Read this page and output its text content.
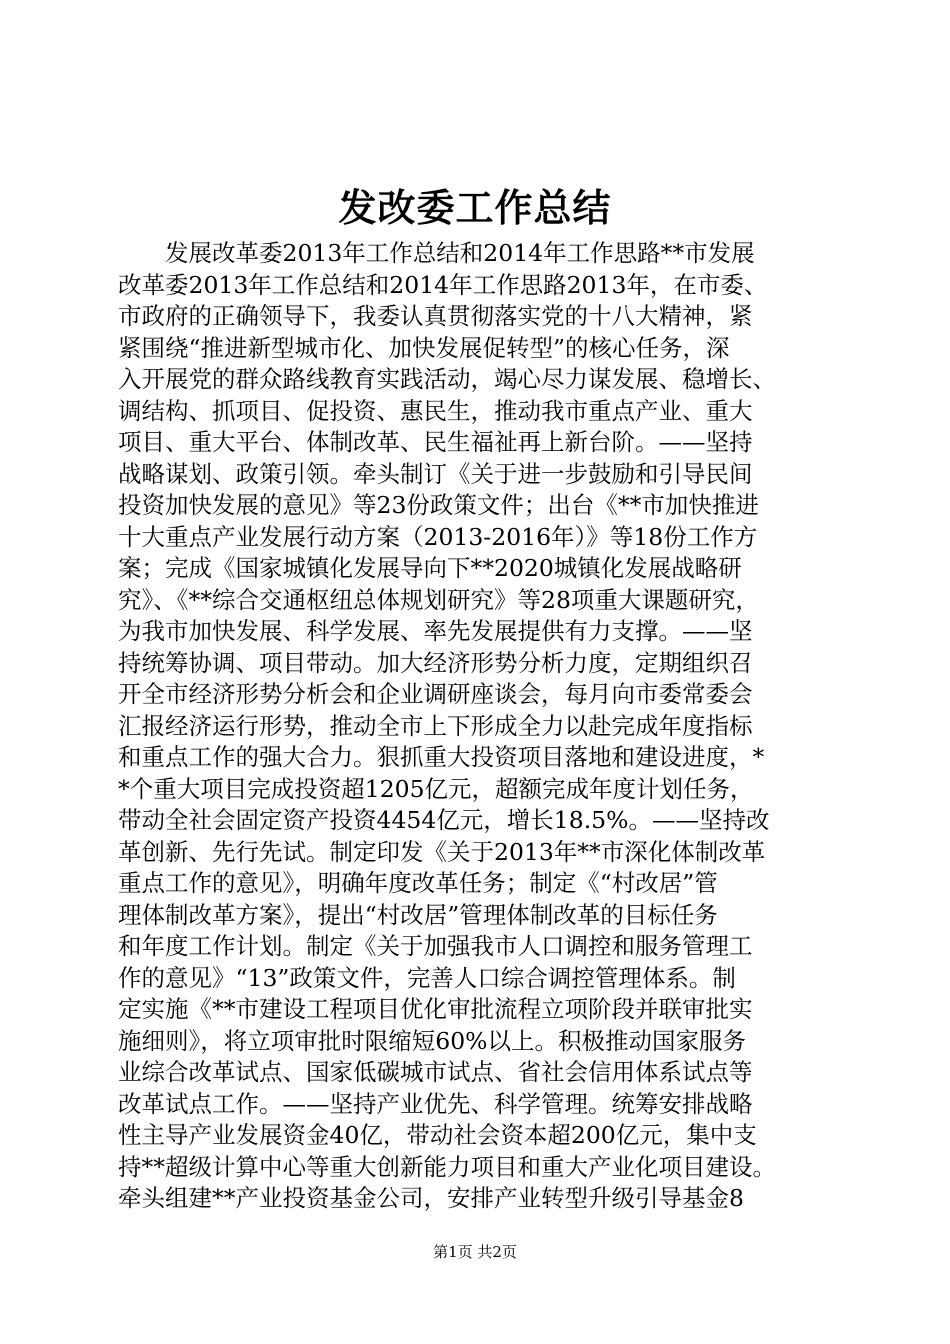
发改委工作总结
　　发展改革委2013年工作总结和2014年工作思路**市发展
改革委2013年工作总结和2014年工作思路2013年，在市委、
市政府的正确领导下，我委认真贯彻落实党的十八大精神，紧
紧围绕“推进新型城市化、加快发展促转型”的核心任务，深
入开展党的群众路线教育实践活动，竭心尽力谋发展、稳增长、
调结构、抓项目、促投资、惠民生，推动我市重点产业、重大
项目、重大平台、体制改革、民生福祉再上新台阶。——坚持
战略谋划、政策引领。牵头制订《关于进一步鼓励和引导民间
投资加快发展的意见》等23份政策文件；出台《**市加快推进
十大重点产业发展行动方案（2013-2016年）》等18份工作方
案；完成《国家城镇化发展导向下**2020城镇化发展战略研
究》、《**综合交通枢纽总体规划研究》等28项重大课题研究，
为我市加快发展、科学发展、率先发展提供有力支撑。——坚
持统筹协调、项目带动。加大经济形势分析力度，定期组织召
开全市经济形势分析会和企业调研座谈会，每月向市委常委会
汇报经济运行形势，推动全市上下形成全力以赴完成年度指标
和重点工作的强大合力。狠抓重大投资项目落地和建设进度，*
*个重大项目完成投资超1205亿元，超额完成年度计划任务，
带动全社会固定资产投资4454亿元，增长18.5%。——坚持改
革创新、先行先试。制定印发《关于2013年**市深化体制改革
重点工作的意见》，明确年度改革任务；制定《“村改居”管
理体制改革方案》，提出“村改居”管理体制改革的目标任务
和年度工作计划。制定《关于加强我市人口调控和服务管理工
作的意见》“13”政策文件，完善人口综合调控管理体系。制
定实施《**市建设工程项目优化审批流程立项阶段并联审批实
施细则》，将立项审批时限缩短60%以上。积极推动国家服务
业综合改革试点、国家低碳城市试点、省社会信用体系试点等
改革试点工作。——坚持产业优先、科学管理。统筹安排战略
性主导产业发展资金40亿，带动社会资本超200亿元，集中支
持**超级计算中心等重大创新能力项目和重大产业化项目建设。
牵头组建**产业投资基金公司，安排产业转型升级引导基金8
第1页 共2页
